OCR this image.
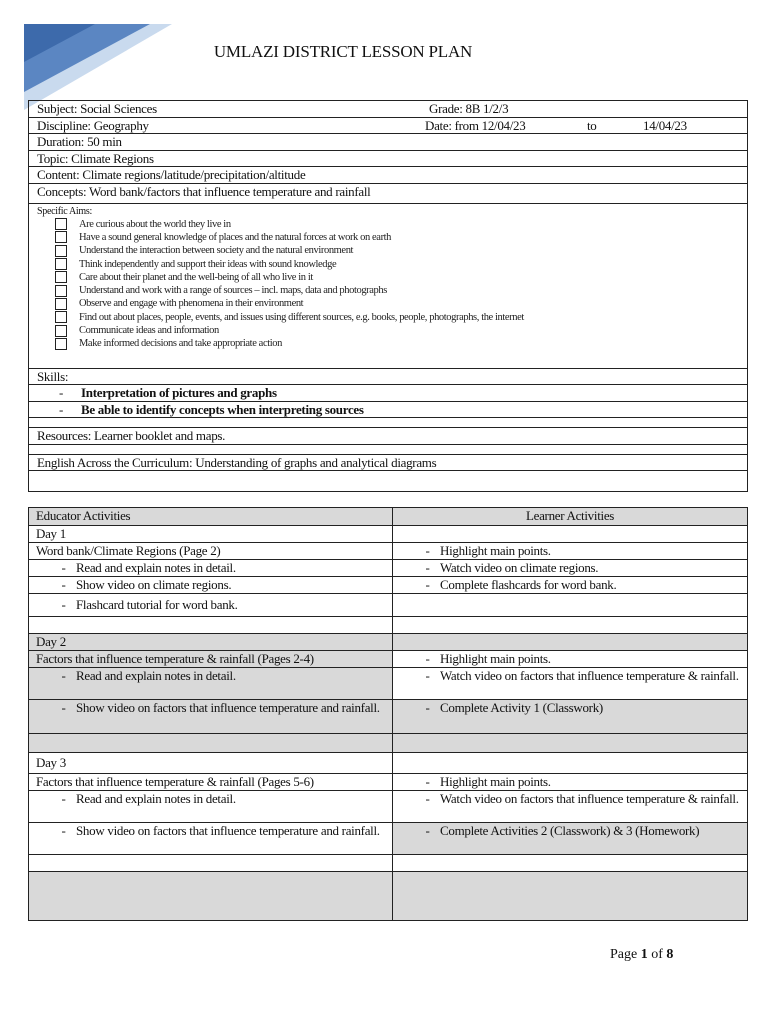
UMLAZI DISTRICT LESSON PLAN
Subject: Social Sciences	Grade: 8B 1/2/3
Discipline: Geography	Date: from 12/04/23	to	14/04/23
Duration: 50 min
Topic: Climate Regions
Content: Climate regions/latitude/precipitation/altitude
Concepts: Word bank/factors that influence temperature and rainfall
Specific Aims:
Are curious about the world they live in
Have a sound general knowledge of places and the natural forces at work on earth
Understand the interaction between society and the natural environment
Think independently and support their ideas with sound knowledge
Care about their planet and the well-being of all who live in it
Understand and work with a range of sources – incl. maps, data and photographs
Observe and engage with phenomena in their environment
Find out about places, people, events, and issues using different sources, e.g. books, people, photographs, the internet
Communicate ideas and information
Make informed decisions and take appropriate action
Skills:
- Interpretation of pictures and graphs
- Be able to identify concepts when interpreting sources
Resources: Learner booklet and maps.
English Across the Curriculum: Understanding of graphs and analytical diagrams
Educator Activities	Learner Activities
Day 1	
Word bank/Climate Regions (Page 2)	- Highlight main points.
- Read and explain notes in detail.	- Watch video on climate regions.
- Show video on climate regions.	- Complete flashcards for word bank.
- Flashcard tutorial for word bank.	

Day 2	
Factors that influence temperature & rainfall (Pages 2-4)	- Highlight main points.
- Read and explain notes in detail.	- Watch video on factors that influence temperature & rainfall.

- Show video on factors that influence temperature and rainfall.	- Complete Activity 1 (Classwork)

Day 3	
Factors that influence temperature & rainfall (Pages 5-6)	- Highlight main points.
- Read and explain notes in detail.	- Watch video on factors that influence temperature & rainfall.

- Show video on factors that influence temperature and rainfall.	- Complete Activities 2 (Classwork) & 3 (Homework)

Page 1 of 8
